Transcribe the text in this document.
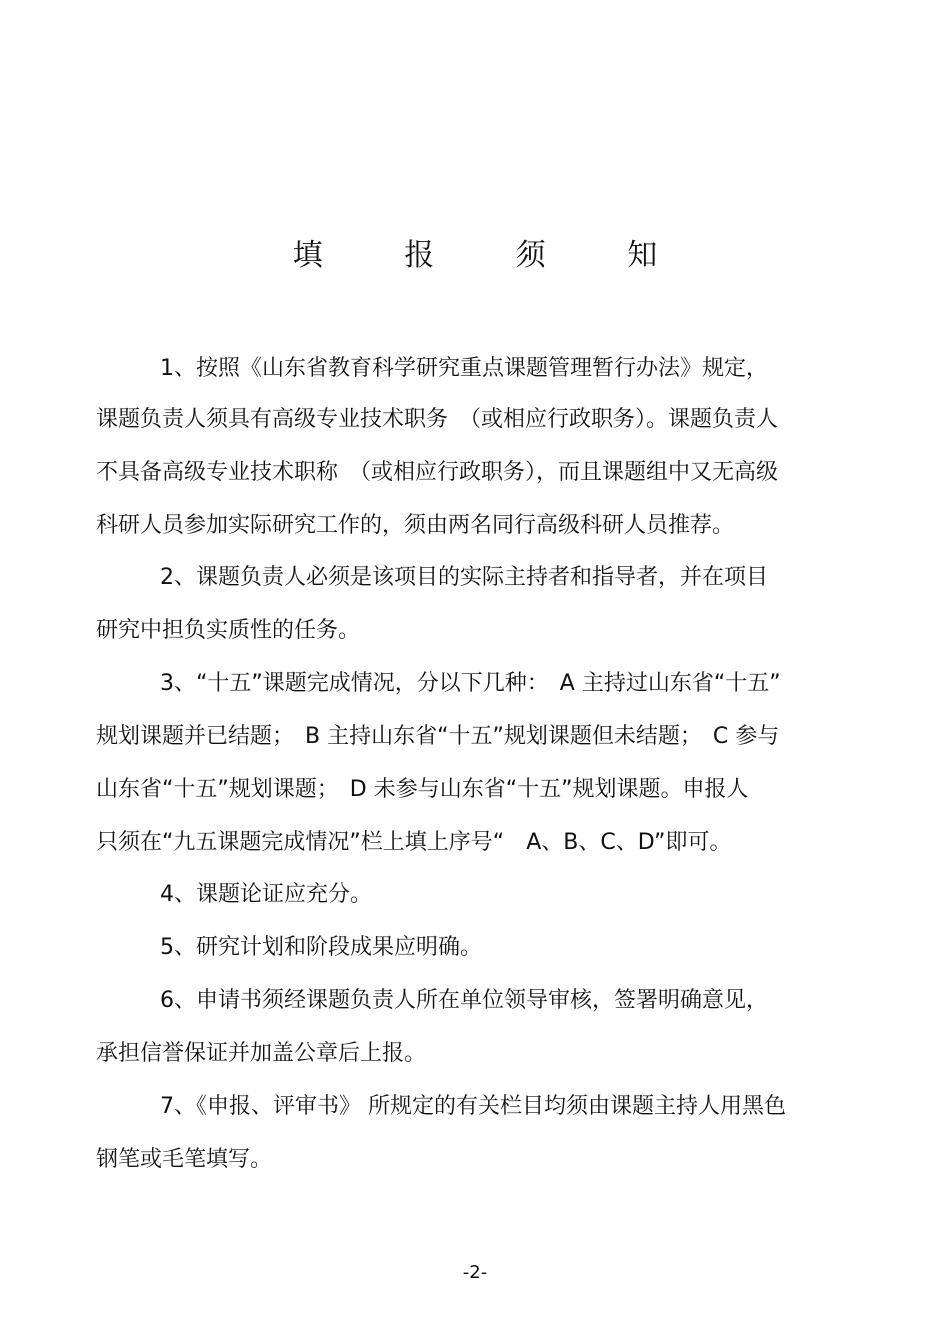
填 报 须 知
1、按照《山东省教育科学研究重点课题管理暂行办法》规定，
课题负责人须具有高级专业技术职务　（或相应行政职务）。课题负责人
不具备高级专业技术职称　（或相应行政职务），而且课题组中又无高级
科研人员参加实际研究工作的，须由两名同行高级科研人员推荐。
2、课题负责人必须是该项目的实际主持者和指导者，并在项目
研究中担负实质性的任务。
3、“十五”课题完成情况，分以下几种：　A 主持过山东省“十五”
规划课题并已结题；　B 主持山东省“十五”规划课题但未结题；　C 参与
山东省“十五”规划课题；　D 未参与山东省“十五”规划课题。申报人
只须在“九五课题完成情况”栏上填上序号“　A、B、C、D”即可。
4、课题论证应充分。
5、研究计划和阶段成果应明确。
6、申请书须经课题负责人所在单位领导审核，签署明确意见，
承担信誉保证并加盖公章后上报。
7、《申报、评审书》 所规定的有关栏目均须由课题主持人用黑色
钢笔或毛笔填写。
-2-
